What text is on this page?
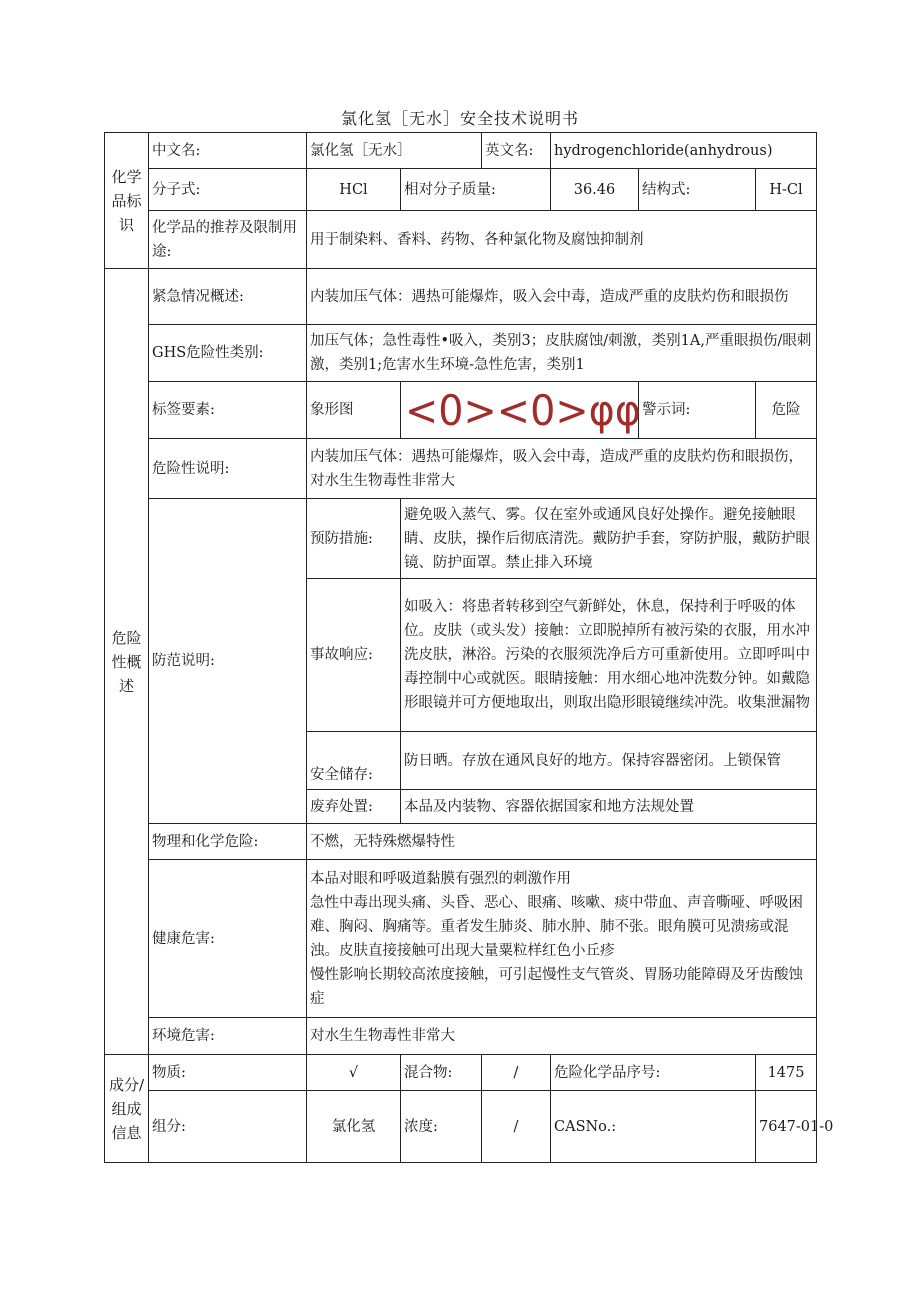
氯化氢［无水］安全技术说明书
化学品标识	中文名:	氯化氢［无水］		英文名:	hydrogenchloride(anhydrous)		
	分子式:	HCl	相对分子质量:		36.46	结构式:	H-Cl
	化学品的推荐及限制用途:	用于制染料、香料、药物、各种氯化物及腐蚀抑制剂					
危险性概述	紧急情况概述:	内装加压气体：遇热可能爆炸，吸入会中毒，造成严重的皮肤灼伤和眼损伤					
	GHS危险性类别:	加压气体；急性毒性•吸入，类别3；皮肤腐蚀/刺激，类别1A,严重眼损伤/眼刺激，类别1;危害水生环境-急性危害，类别1					
	标签要素:	象形图	<0><0>φφ			警示词:	危险
	危险性说明:	内装加压气体：遇热可能爆炸，吸入会中毒，造成严重的皮肤灼伤和眼损伤，对水生生物毒性非常大					
	防范说明:	预防措施:	避免吸入蒸气、雾。仅在室外或通风良好处操作。避免接触眼睛、皮肤，操作后彻底清洗。戴防护手套，穿防护服，戴防护眼镜、防护面罩。禁止排入环境				
		事故响应:	如吸入：将患者转移到空气新鲜处，休息，保持利于呼吸的体位。皮肤（或头发）接触：立即脱掉所有被污染的衣服，用水冲洗皮肤，淋浴。污染的衣服须洗净后方可重新使用。立即呼叫中毒控制中心或就医。眼睛接触：用水细心地冲洗数分钟。如戴隐形眼镜并可方便地取出，则取出隐形眼镜继续冲洗。收集泄漏物				
		安全储存:	防日晒。存放在通风良好的地方。保持容器密闭。上锁保管				
		废弃处置:	本品及内装物、容器依据国家和地方法规处置				
	物理和化学危险:	不燃，无特殊燃爆特性					
	健康危害:	本品对眼和呼吸道黏膜有强烈的刺激作用
急性中毒出现头痛、头昏、恶心、眼痛、咳嗽、痰中带血、声音嘶哑、呼吸困难、胸闷、胸痛等。重者发生肺炎、肺水肿、肺不张。眼角膜可见溃疡或混浊。皮肤直接接触可出现大量粟粒样红色小丘疹
慢性影响长期较高浓度接触，可引起慢性支气管炎、胃肠功能障碍及牙齿酸蚀症					

	环境危害:	对水生生物毒性非常大					
成分/组成信息	物质:	√	混合物:	/	危险化学品序号:		1475
	组分:	氯化氢	浓度:	/	CASNo.:		7647-01-0
